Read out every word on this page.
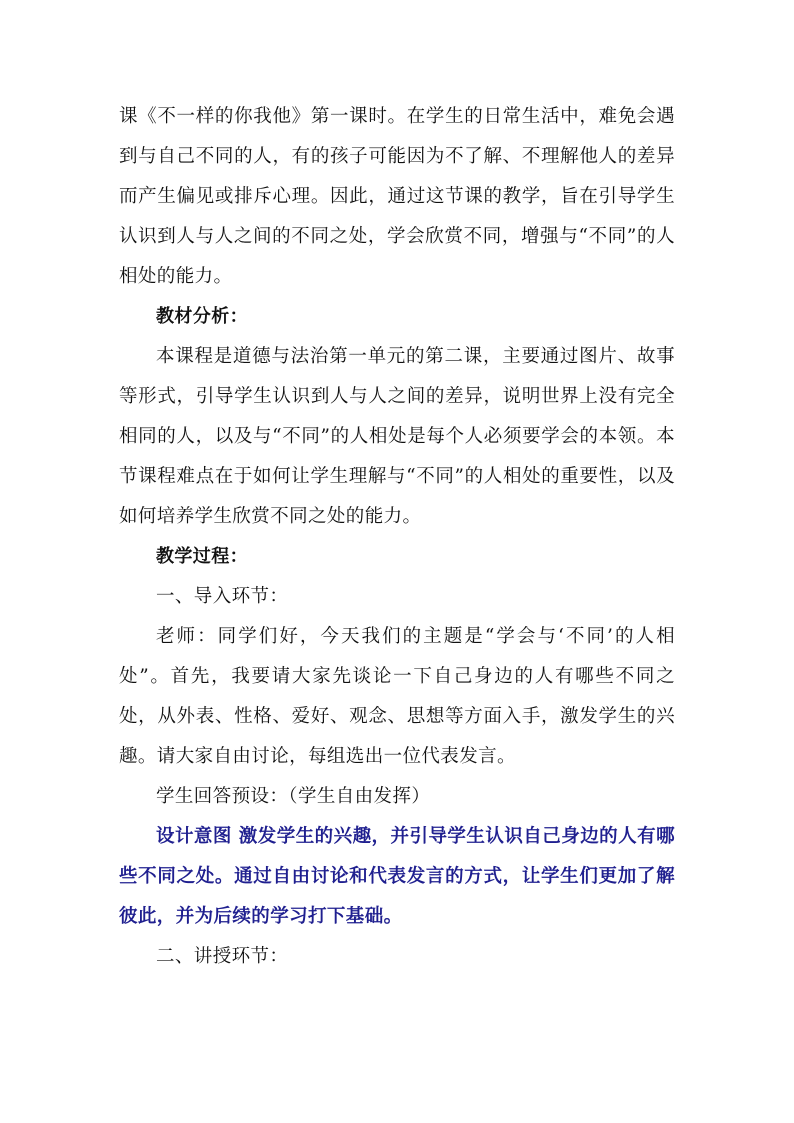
课《不一样的你我他》第一课时。在学生的日常生活中，难免会遇到与自己不同的人，有的孩子可能因为不了解、不理解他人的差异而产生偏见或排斥心理。因此，通过这节课的教学，旨在引导学生认识到人与人之间的不同之处，学会欣赏不同，增强与“不同”的人相处的能力。

教材分析：

本课程是道德与法治第一单元的第二课，主要通过图片、故事等形式，引导学生认识到人与人之间的差异，说明世界上没有完全相同的人，以及与“不同”的人相处是每个人必须要学会的本领。本节课程难点在于如何让学生理解与“不同”的人相处的重要性，以及如何培养学生欣赏不同之处的能力。

教学过程：

一、导入环节：

老师：同学们好，今天我们的主题是“学会与‘不同’的人相处”。首先，我要请大家先谈论一下自己身边的人有哪些不同之处，从外表、性格、爱好、观念、思想等方面入手，激发学生的兴趣。请大家自由讨论，每组选出一位代表发言。

学生回答预设：（学生自由发挥）

设计意图 激发学生的兴趣，并引导学生认识自己身边的人有哪些不同之处。通过自由讨论和代表发言的方式，让学生们更加了解彼此，并为后续的学习打下基础。

二、讲授环节：
